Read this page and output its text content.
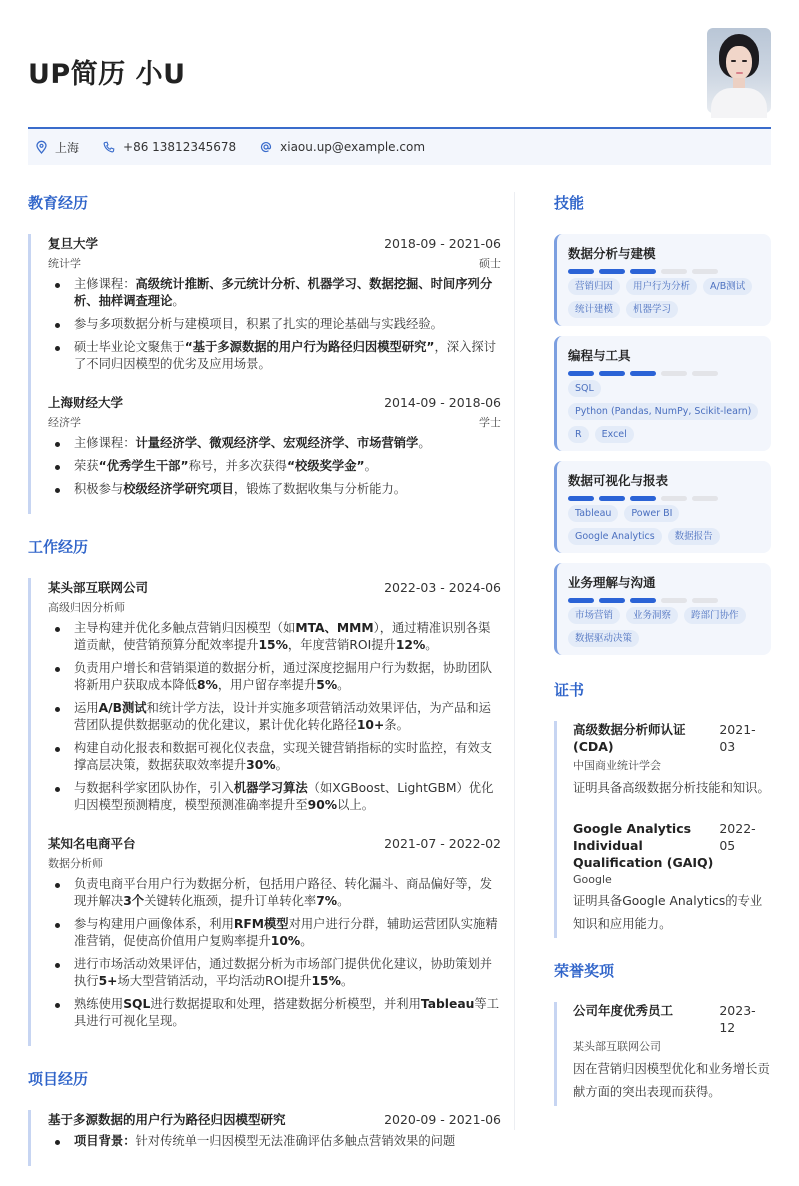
UP简历 小U
上海	+86 13812345678	xiaou.up@example.com
教育经历
复旦大学	2018-09 - 2021-06
统计学	硕士
主修课程：高级统计推断、多元统计分析、机器学习、数据挖掘、时间序列分析、抽样调查理论。
参与多项数据分析与建模项目，积累了扎实的理论基础与实践经验。
硕士毕业论文聚焦于“基于多源数据的用户行为路径归因模型研究”，深入探讨了不同归因模型的优劣及应用场景。
上海财经大学	2014-09 - 2018-06
经济学	学士
主修课程：计量经济学、微观经济学、宏观经济学、市场营销学。
荣获“优秀学生干部”称号，并多次获得“校级奖学金”。
积极参与校级经济学研究项目，锻炼了数据收集与分析能力。
工作经历
某头部互联网公司	2022-03 - 2024-06
高级归因分析师
主导构建并优化多触点营销归因模型（如MTA、MMM），通过精准识别各渠道贡献，使营销预算分配效率提升15%，年度营销ROI提升12%。
负责用户增长和营销渠道的数据分析，通过深度挖掘用户行为数据，协助团队将新用户获取成本降低8%，用户留存率提升5%。
运用A/B测试和统计学方法，设计并实施多项营销活动效果评估，为产品和运营团队提供数据驱动的优化建议，累计优化转化路径10+条。
构建自动化报表和数据可视化仪表盘，实现关键营销指标的实时监控，有效支撑高层决策，数据获取效率提升30%。
与数据科学家团队协作，引入机器学习算法（如XGBoost、LightGBM）优化归因模型预测精度，模型预测准确率提升至90%以上。
某知名电商平台	2021-07 - 2022-02
数据分析师
负责电商平台用户行为数据分析，包括用户路径、转化漏斗、商品偏好等，发现并解决3个关键转化瓶颈，提升订单转化率7%。
参与构建用户画像体系，利用RFM模型对用户进行分群，辅助运营团队实施精准营销，促使高价值用户复购率提升10%。
进行市场活动效果评估，通过数据分析为市场部门提供优化建议，协助策划并执行5+场大型营销活动，平均活动ROI提升15%。
熟练使用SQL进行数据提取和处理，搭建数据分析模型，并利用Tableau等工具进行可视化呈现。
项目经历
基于多源数据的用户行为路径归因模型研究	2020-09 - 2021-06
项目背景：针对传统单一归因模型无法准确评估多触点营销效果的问题
技能
数据分析与建模
营销归因	用户行为分析	A/B测试
统计建模	机器学习
编程与工具
SQL
Python (Pandas, NumPy, Scikit-learn)
R	Excel
数据可视化与报表
Tableau	Power BI
Google Analytics	数据报告
业务理解与沟通
市场营销	业务洞察	跨部门协作
数据驱动决策
证书
高级数据分析师认证 (CDA)
2021-03
中国商业统计学会
证明具备高级数据分析技能和知识。
Google Analytics Individual Qualification (GAIQ)
2022-05
Google
证明具备Google Analytics的专业知识和应用能力。
荣誉奖项
公司年度优秀员工	2023-12
某头部互联网公司
因在营销归因模型优化和业务增长贡献方面的突出表现而获得。
